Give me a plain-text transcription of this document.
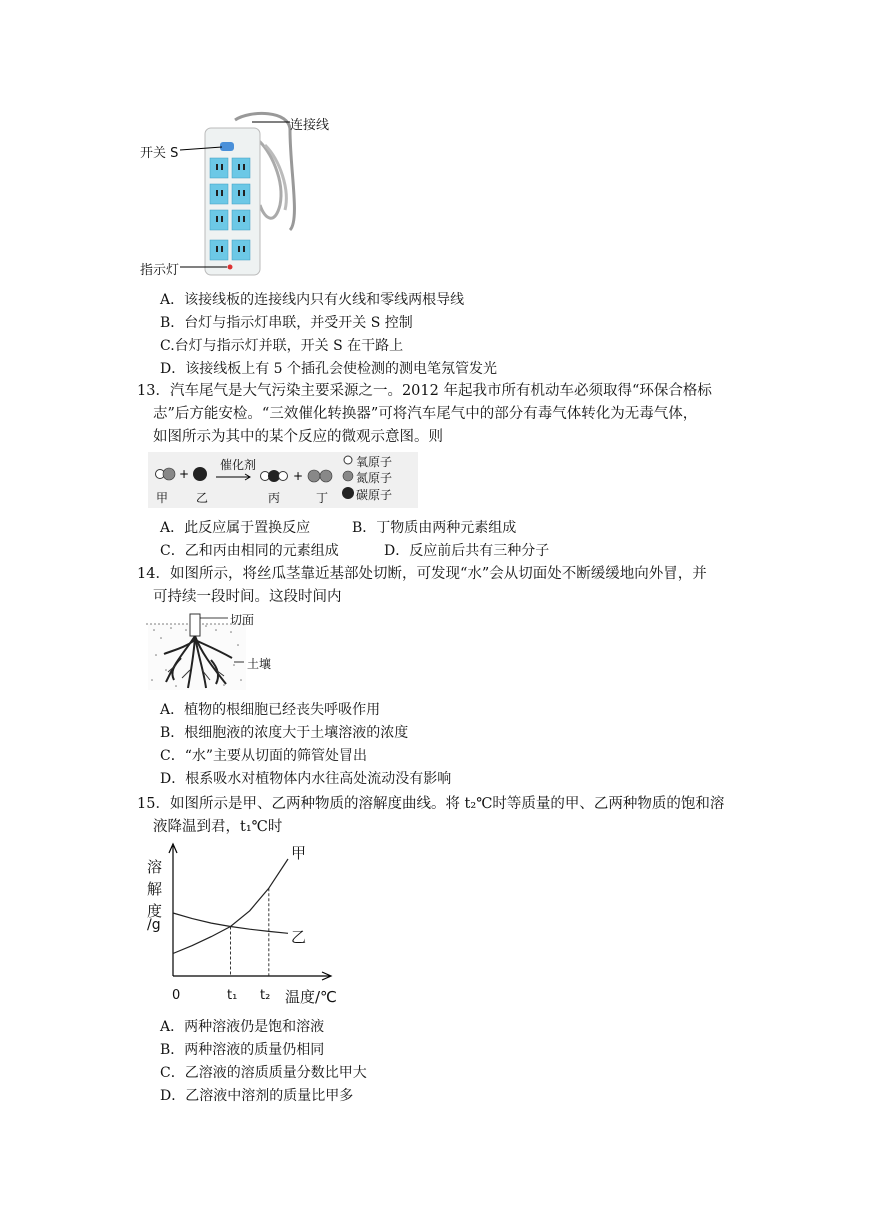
连接线
开关 S
指示灯
A．该接线板的连接线内只有火线和零线两根导线
B．台灯与指示灯串联，并受开关 S 控制
C.台灯与指示灯并联，开关 S 在干路上
D．该接线板上有 5 个插孔会使检测的测电笔氖管发光
13．汽车尾气是大气污染主要采源之一。2012 年起我市所有机动车必须取得“环保合格标
志”后方能安检。“三效催化转换器”可将汽车尾气中的部分有毒气体转化为无毒气体，
如图所示为其中的某个反应的微观示意图。则
+	+
催化剂
甲 乙	丙	丁
氧原子
氮原子
碳原子
A．此反应属于置换反应	B．丁物质由两种元素组成
C．乙和丙由相同的元素组成	D．反应前后共有三种分子
14．如图所示，将丝瓜茎靠近基部处切断，可发现“水”会从切面处不断缓缓地向外冒，并
可持续一段时间。这段时间内
切面
土壤
A．植物的根细胞已经丧失呼吸作用
B．根细胞液的浓度大于土壤溶液的浓度
C．“水”主要从切面的筛管处冒出
D．根系吸水对植物体内水往高处流动没有影响
15．如图所示是甲、乙两种物质的溶解度曲线。将 t₂℃时等质量的甲、乙两种物质的饱和溶
液降温到君，t₁℃时
溶
解
度
/g
甲
乙
0	t₁ t₂ 温度/℃
A．两种溶液仍是饱和溶液
B．两种溶液的质量仍相同
C．乙溶液的溶质质量分数比甲大
D．乙溶液中溶剂的质量比甲多
